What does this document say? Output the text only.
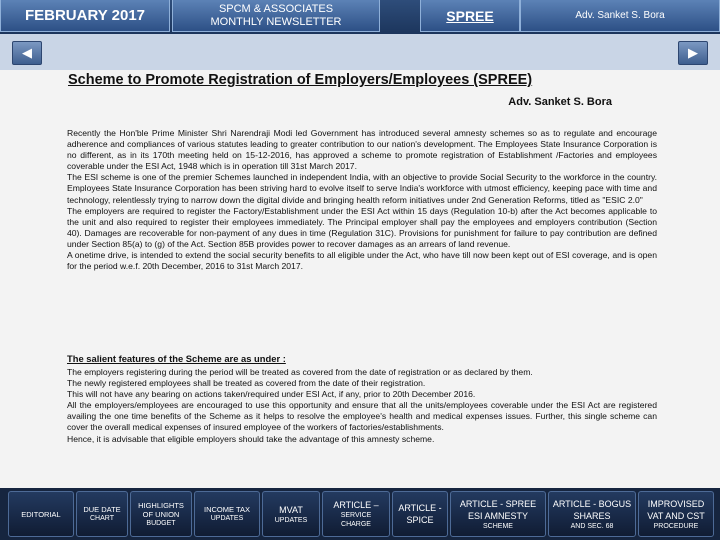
FEBRUARY 2017	SPCM & ASSOCIATES
MONTHLY NEWSLETTER	SPREE	Adv. Sanket S. Bora
◀	▶
Scheme to Promote Registration of Employers/Employees (SPREE)
Adv. Sanket S. Bora

Recently the Hon'ble Prime Minister Shri Narendraji Modi led Government has introduced several amnesty schemes so as to regulate and encourage adherence and compliances of various statutes leading to greater contribution to our nation's development. The Employees State Insurance Corporation is no different, as in its 170th meeting held on 15-12-2016, has approved a scheme to promote registration of Establishment /Factories and employees coverable under the ESI Act, 1948 which is in operation till 31st March 2017.

The ESI scheme is one of the premier Schemes launched in independent India, with an objective to provide Social Security to the workforce in the country. Employees State Insurance Corporation has been striving hard to evolve itself to serve India's workforce with utmost efficiency, keeping pace with time and technology, relentlessly trying to narrow down the digital divide and bringing health reform initiatives under 2nd Generation Reforms, titled as "ESIC 2.0"

The employers are required to register the Factory/Establishment under the ESI Act within 15 days (Regulation 10-b) after the Act becomes applicable to the unit and also required to register their employees immediately. The Principal employer shall pay the employees and employers contribution (Section 40). Damages are recoverable for non-payment of any dues in time (Regulation 31C). Provisions for punishment for failure to pay contribution are defined under Section 85(a) to (g) of the Act. Section 85B provides power to recover damages as an arrears of land revenue.

A onetime drive, is intended to extend the social security benefits to all eligible under the Act, who have till now been kept out of ESI coverage, and is open for the period w.e.f. 20th December, 2016 to 31st March 2017.

The salient features of the Scheme are as under :

The employers registering during the period will be treated as covered from the date of registration or as declared by them.

The newly registered employees shall be treated as covered from the date of their registration.

This will not have any bearing on actions taken/required under ESI Act, if any, prior to 20th December 2016.

All the employers/employees are encouraged to use this opportunity and ensure that all the units/employees coverable under the ESI Act are registered availing the one time benefits of the Scheme as it helps to resolve the employee's health and medical expenses issues. Further, this single scheme can cover the overall medical expenses of insured employee of the workers of factories/establishments.

Hence, it is advisable that eligible employers should take the advantage of this amnesty scheme.

EDITORIAL	DUE DATE
CHART
HIGHLIGHTS OF UNION
BUDGET
INCOME TAX
UPDATES
MVAT
UPDATES
ARTICLE –
SERVICE CHARGE
ARTICLE - SPICE
ARTICLE - SPREE ESI AMNESTY
SCHEME
ARTICLE - BOGUS SHARES
AND SEC. 68
IMPROVISED VAT AND CST
PROCEDURE
